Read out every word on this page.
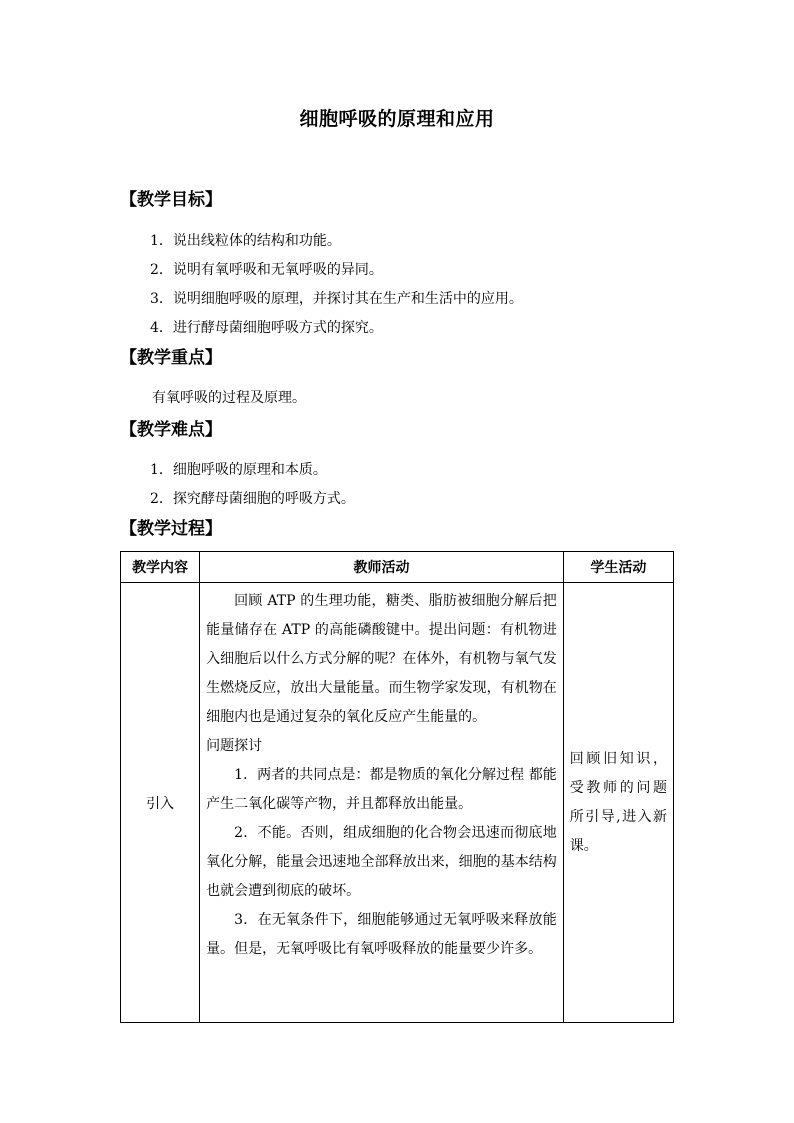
细胞呼吸的原理和应用
【教学目标】
1．说出线粒体的结构和功能。
2．说明有氧呼吸和无氧呼吸的异同。
3．说明细胞呼吸的原理，并探讨其在生产和生活中的应用。
4．进行酵母菌细胞呼吸方式的探究。
【教学重点】
有氧呼吸的过程及原理。
【教学难点】
1．细胞呼吸的原理和本质。
2．探究酵母菌细胞的呼吸方式。
【教学过程】
教学内容	教师活动	学生活动
引入	回顾 ATP 的生理功能，糖类、脂肪被细胞分解后把能量储存在 ATP 的高能磷酸键中。提出问题：有机物进入细胞后以什么方式分解的呢？在体外，有机物与氧气发生燃烧反应，放出大量能量。而生物学家发现，有机物在细胞内也是通过复杂的氧化反应产生能量的。

问题探讨

1．两者的共同点是：都是物质的氧化分解过程 都能产生二氧化碳等产物，并且都释放出能量。

2．不能。否则，组成细胞的化合物会迅速而彻底地氧化分解，能量会迅速地全部释放出来，细胞的基本结构也就会遭到彻底的破坏。

3．在无氧条件下，细胞能够通过无氧呼吸来释放能量。但是，无氧呼吸比有氧呼吸释放的能量要少许多。	回顾旧知识，受教师的问题所引导,进入新课。
